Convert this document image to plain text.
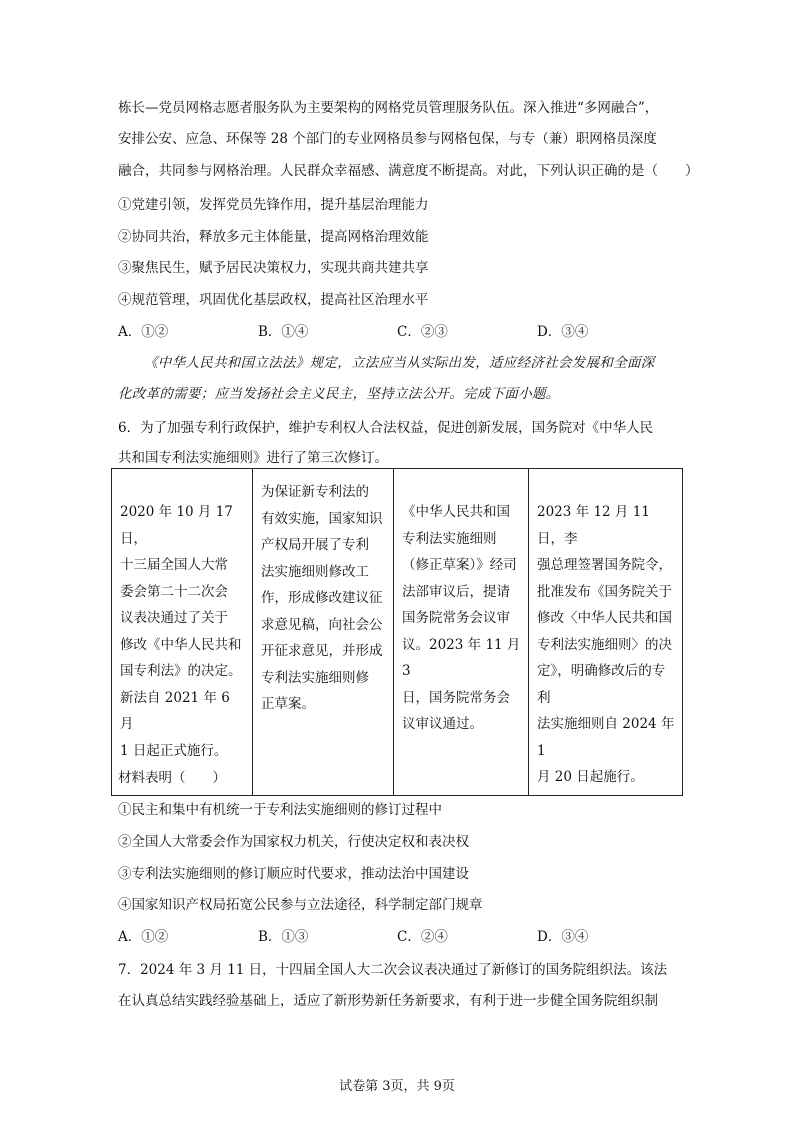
栋长—党员网格志愿者服务队为主要架构的网格党员管理服务队伍。深入推进“多网融合”，
安排公安、应急、环保等 28 个部门的专业网格员参与网格包保，与专（兼）职网格员深度
融合，共同参与网格治理。人民群众幸福感、满意度不断提高。对此，下列认识正确的是（　　）
①党建引领，发挥党员先锋作用，提升基层治理能力
②协同共治，释放多元主体能量，提高网格治理效能
③聚焦民生，赋予居民决策权力，实现共商共建共享
④规范管理，巩固优化基层政权，提高社区治理水平
A．①②	B．①④	C．②③	D．③④
《中华人民共和国立法法》规定，立法应当从实际出发，适应经济社会发展和全面深
化改革的需要；应当发扬社会主义民主，坚持立法公开。完成下面小题。
6．为了加强专利行政保护，维护专利权人合法权益，促进创新发展，国务院对《中华人民
共和国专利法实施细则》进行了第三次修订。
2020 年 10 月 17 日，
十三届全国人大常
委会第二十二次会
议表决通过了关于
修改《中华人民共和
国专利法》的决定。
新法自 2021 年 6 月
1 日起正式施行。

为保证新专利法的
有效实施，国家知识
产权局开展了专利
法实施细则修改工
作，形成修改建议征
求意见稿，向社会公
开征求意见，并形成
专利法实施细则修
正草案。

《中华人民共和国
专利法实施细则
（修正草案）》经司
法部审议后，提请
国务院常务会议审
议。2023 年 11 月 3
日，国务院常务会
议审议通过。

2023 年 12 月 11 日，李
强总理签署国务院令，
批准发布《国务院关于
修改〈中华人民共和国
专利法实施细则〉的决
定》，明确修改后的专利
法实施细则自 2024 年 1
月 20 日起施行。
材料表明（　　）
①民主和集中有机统一于专利法实施细则的修订过程中
②全国人大常委会作为国家权力机关，行使决定权和表决权
③专利法实施细则的修订顺应时代要求，推动法治中国建设
④国家知识产权局拓宽公民参与立法途径，科学制定部门规章
A．①②	B．①③	C．②④	D．③④
7．2024 年 3 月 11 日，十四届全国人大二次会议表决通过了新修订的国务院组织法。该法
在认真总结实践经验基础上，适应了新形势新任务新要求，有利于进一步健全国务院组织制
试卷第 3页，共 9页
